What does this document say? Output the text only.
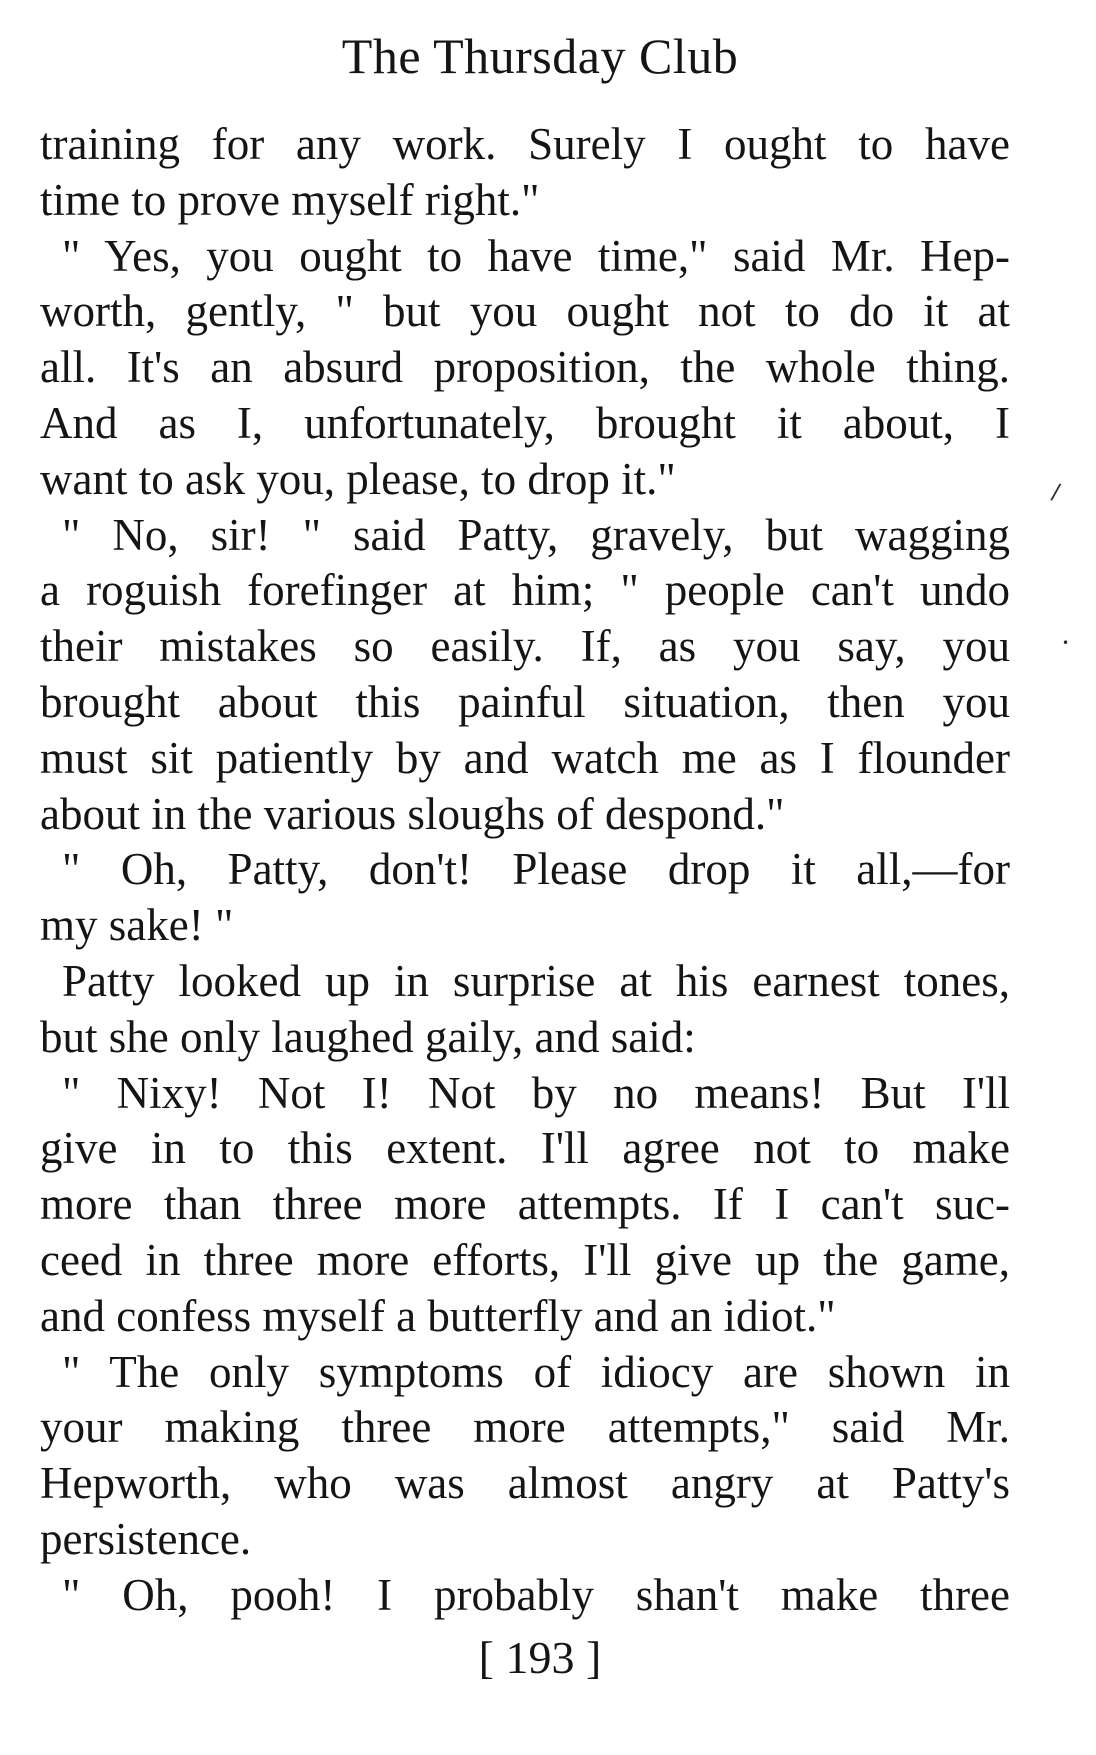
The Thursday Club
training for any work. Surely I ought to have
time to prove myself right."
" Yes, you ought to have time," said Mr. Hep-
worth, gently, " but you ought not to do it at
all. It's an absurd proposition, the whole thing.
And as I, unfortunately, brought it about, I
want to ask you, please, to drop it."
" No, sir! " said Patty, gravely, but wagging
a roguish forefinger at him; " people can't undo
their mistakes so easily. If, as you say, you
brought about this painful situation, then you
must sit patiently by and watch me as I flounder
about in the various sloughs of despond."
" Oh, Patty, don't! Please drop it all,—for
my sake! "
Patty looked up in surprise at his earnest tones,
but she only laughed gaily, and said:
" Nixy! Not I! Not by no means! But I'll
give in to this extent. I'll agree not to make
more than three more attempts. If I can't suc-
ceed in three more efforts, I'll give up the game,
and confess myself a butterfly and an idiot."
" The only symptoms of idiocy are shown in
your making three more attempts," said Mr.
Hepworth, who was almost angry at Patty's
persistence.
" Oh, pooh! I probably shan't make three
/
•
[ 193 ]
